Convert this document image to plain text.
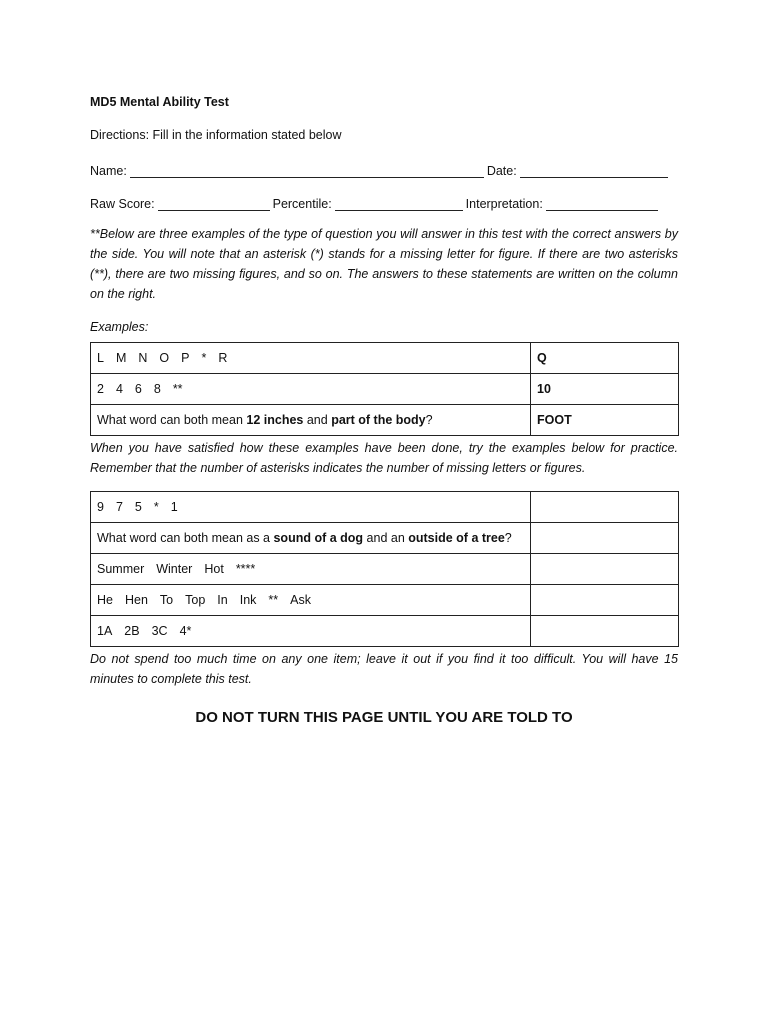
MD5 Mental Ability Test
Directions: Fill in the information stated below
Name:	Date:
Raw Score:	Percentile:	Interpretation:
**Below are three examples of the type of question you will answer in this test with the correct answers by the side. You will note that an asterisk (*) stands for a missing letter for figure. If there are two asterisks (**), there are two missing figures, and so on. The answers to these statements are written on the column on the right.
Examples:
L M N O P * R	Q
2 4 6 8 **	10
What word can both mean 12 inches and part of the body?	FOOT
When you have satisfied how these examples have been done, try the examples below for practice. Remember that the number of asterisks indicates the number of missing letters or figures.
9 7 5 * 1	
What word can both mean as a sound of a dog and an outside of a tree?	
Summer Winter Hot ****	
He Hen To Top In Ink ** Ask	
1A 2B 3C 4*	
Do not spend too much time on any one item; leave it out if you find it too difficult. You will have 15 minutes to complete this test.
DO NOT TURN THIS PAGE UNTIL YOU ARE TOLD TO
